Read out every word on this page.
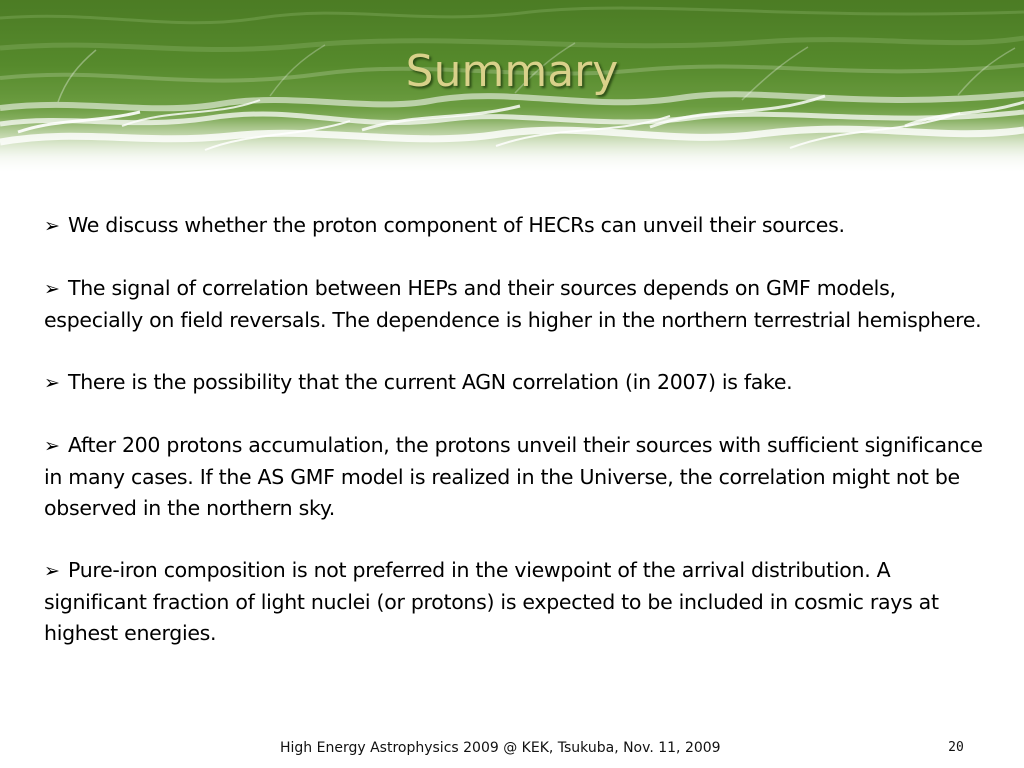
Summary
➢ We discuss whether the proton component of HECRs can unveil their sources.
➢ The signal of correlation between HEPs and their sources depends on GMF models, especially on field reversals. The dependence is higher in the northern terrestrial hemisphere.
➢ There is the possibility that the current AGN correlation (in 2007) is fake.
➢ After 200 protons accumulation, the protons unveil their sources with sufficient significance in many cases. If the AS GMF model is realized in the Universe, the correlation might not be observed in the northern sky.
➢ Pure-iron composition is not preferred in the viewpoint of the arrival distribution. A significant fraction of light nuclei (or protons) is expected to be included in cosmic rays at highest energies.
High Energy Astrophysics 2009 @ KEK, Tsukuba, Nov. 11, 2009	20
